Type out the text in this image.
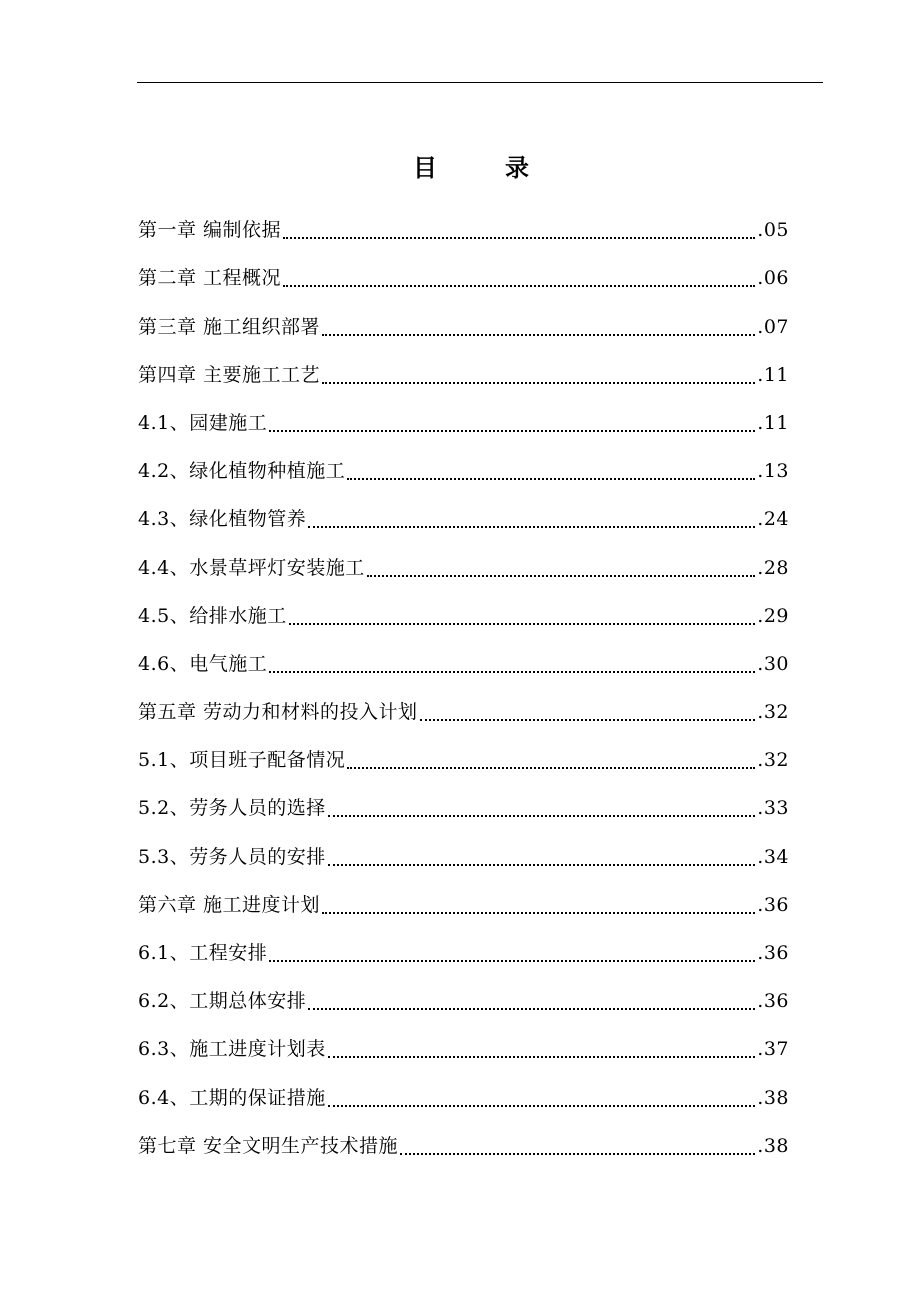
目　录
第一章 编制依据	.05
第二章 工程概况	.06
第三章 施工组织部署	.07
第四章 主要施工工艺	.11
4.1、园建施工	.11
4.2、绿化植物种植施工	.13
4.3、绿化植物管养	.24
4.4、水景草坪灯安装施工	.28
4.5、给排水施工	.29
4.6、电气施工	.30
第五章 劳动力和材料的投入计划	.32
5.1、项目班子配备情况	.32
5.2、劳务人员的选择	.33
5.3、劳务人员的安排	.34
第六章 施工进度计划	.36
6.1、工程安排	.36
6.2、工期总体安排	.36
6.3、施工进度计划表	.37
6.4、工期的保证措施	.38
第七章 安全文明生产技术措施	.38
